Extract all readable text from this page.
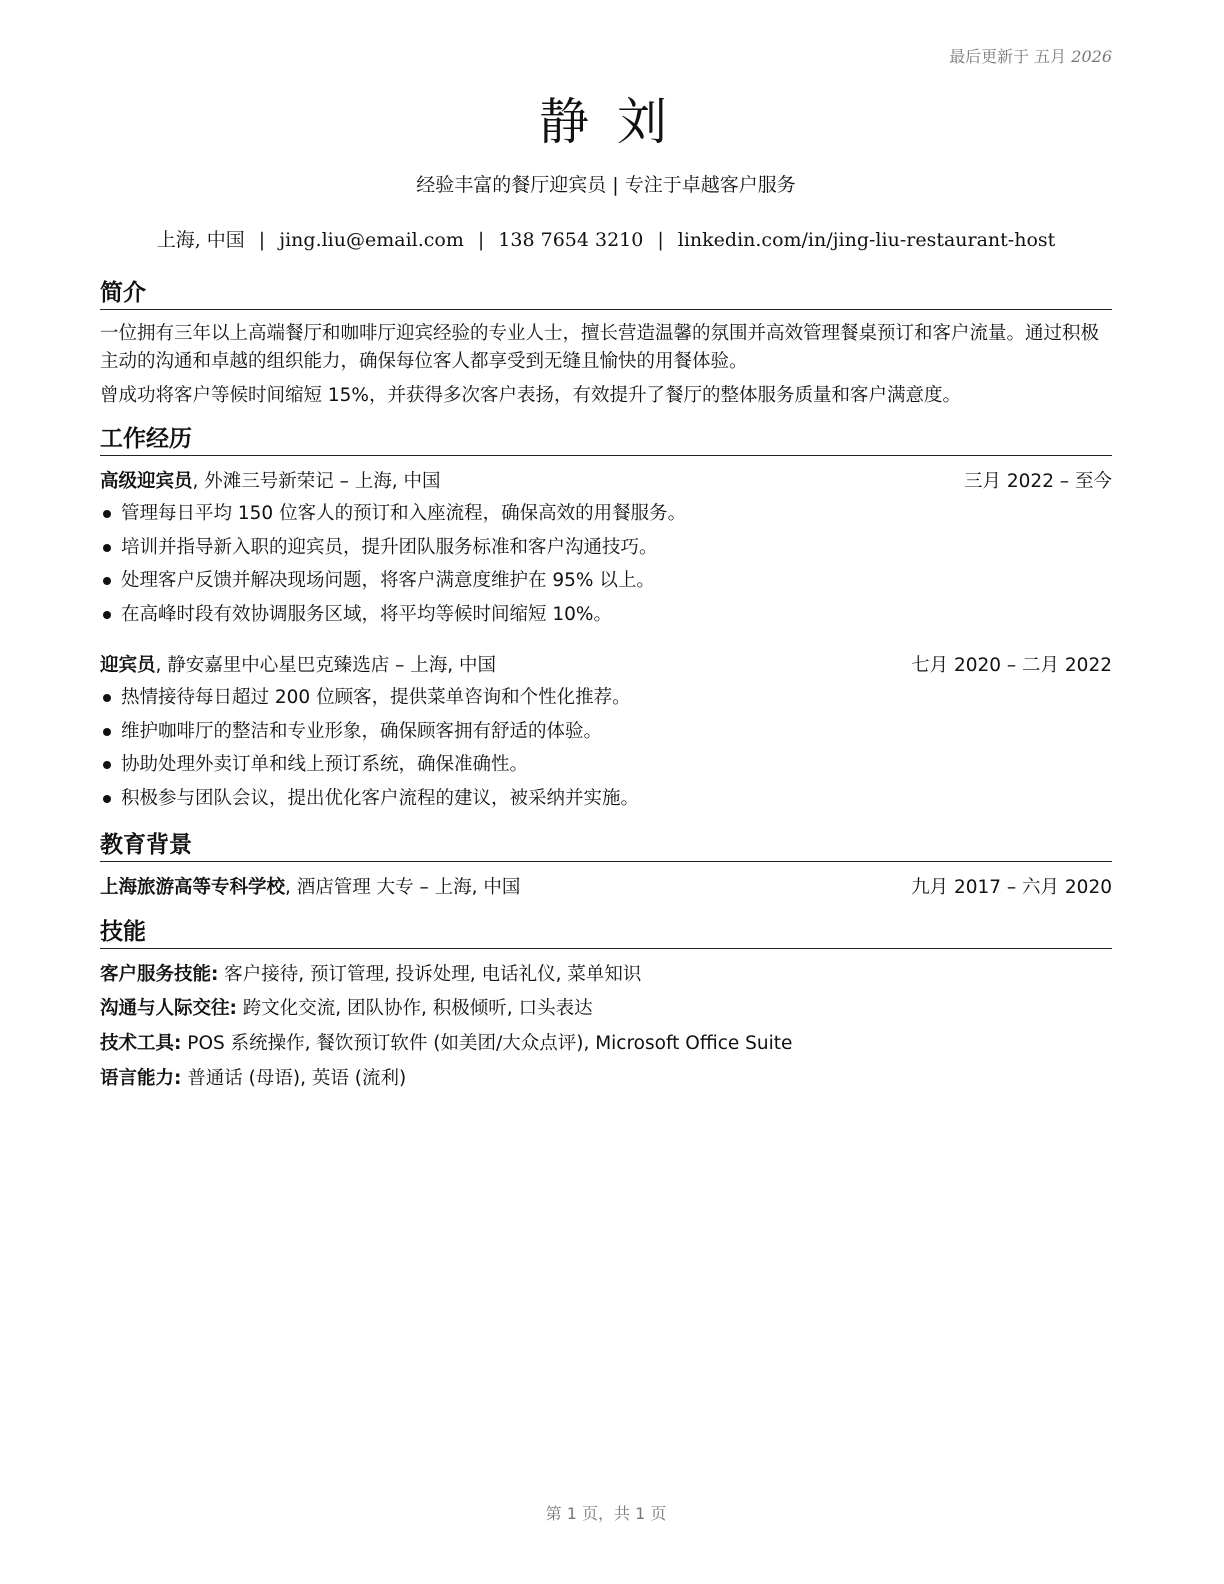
最后更新于 五月 2026
静 刘
经验丰富的餐厅迎宾员 | 专注于卓越客户服务
上海, 中国 | jing.liu@email.com | 138 7654 3210 | linkedin.com/in/jing-liu-restaurant-host
简介
一位拥有三年以上高端餐厅和咖啡厅迎宾经验的专业人士，擅长营造温馨的氛围并高效管理餐桌预订和客户流量。通过积极主动的沟通和卓越的组织能力，确保每位客人都享受到无缝且愉快的用餐体验。
曾成功将客户等候时间缩短 15%，并获得多次客户表扬，有效提升了餐厅的整体服务质量和客户满意度。
工作经历
高级迎宾员, 外滩三号新荣记 – 上海, 中国	三月 2022 – 至今
管理每日平均 150 位客人的预订和入座流程，确保高效的用餐服务。
培训并指导新入职的迎宾员，提升团队服务标准和客户沟通技巧。
处理客户反馈并解决现场问题，将客户满意度维护在 95% 以上。
在高峰时段有效协调服务区域，将平均等候时间缩短 10%。
迎宾员, 静安嘉里中心星巴克臻选店 – 上海, 中国	七月 2020 – 二月 2022
热情接待每日超过 200 位顾客，提供菜单咨询和个性化推荐。
维护咖啡厅的整洁和专业形象，确保顾客拥有舒适的体验。
协助处理外卖订单和线上预订系统，确保准确性。
积极参与团队会议，提出优化客户流程的建议，被采纳并实施。
教育背景
上海旅游高等专科学校, 酒店管理 大专 – 上海, 中国	九月 2017 – 六月 2020
技能
客户服务技能: 客户接待, 预订管理, 投诉处理, 电话礼仪, 菜单知识
沟通与人际交往: 跨文化交流, 团队协作, 积极倾听, 口头表达
技术工具: POS 系统操作, 餐饮预订软件 (如美团/大众点评), Microsoft Office Suite
语言能力: 普通话 (母语), 英语 (流利)
第 1 页，共 1 页
